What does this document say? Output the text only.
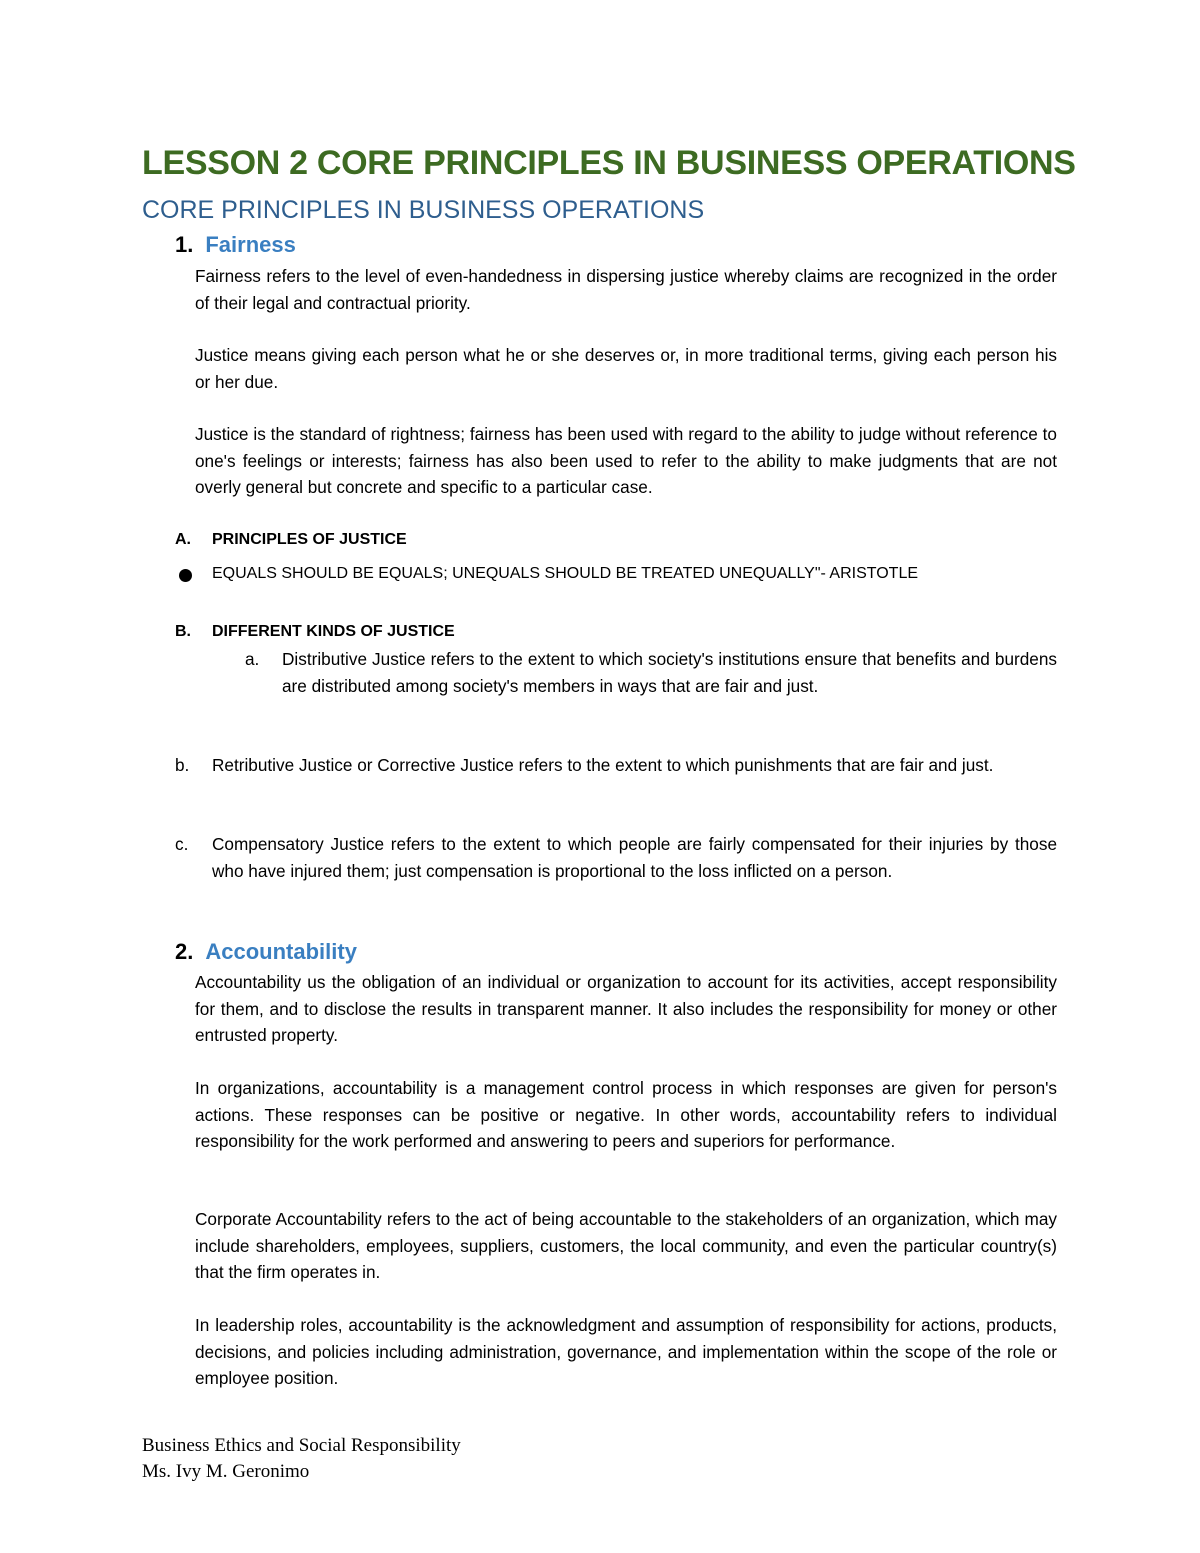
LESSON 2 CORE PRINCIPLES IN BUSINESS OPERATIONS
CORE PRINCIPLES IN BUSINESS OPERATIONS
1. Fairness

Fairness refers to the level of even-handedness in dispersing justice whereby claims are recognized in the order of their legal and contractual priority.

Justice means giving each person what he or she deserves or, in more traditional terms, giving each person his or her due.

Justice is the standard of rightness; fairness has been used with regard to the ability to judge without reference to one's feelings or interests; fairness has also been used to refer to the ability to make judgments that are not overly general but concrete and specific to a particular case.

A. PRINCIPLES OF JUSTICE

EQUALS SHOULD BE EQUALS; UNEQUALS SHOULD BE TREATED UNEQUALLY"- ARISTOTLE

B. DIFFERENT KINDS OF JUSTICE

a. Distributive Justice refers to the extent to which society's institutions ensure that benefits and burdens are distributed among society's members in ways that are fair and just.

b. Retributive Justice or Corrective Justice refers to the extent to which punishments that are fair and just.

c. Compensatory Justice refers to the extent to which people are fairly compensated for their injuries by those who have injured them; just compensation is proportional to the loss inflicted on a person.

2. Accountability

Accountability us the obligation of an individual or organization to account for its activities, accept responsibility for them, and to disclose the results in transparent manner. It also includes the responsibility for money or other entrusted property.

In organizations, accountability is a management control process in which responses are given for person's actions. These responses can be positive or negative. In other words, accountability refers to individual responsibility for the work performed and answering to peers and superiors for performance.

Corporate Accountability refers to the act of being accountable to the stakeholders of an organization, which may include shareholders, employees, suppliers, customers, the local community, and even the particular country(s) that the firm operates in.

In leadership roles, accountability is the acknowledgment and assumption of responsibility for actions, products, decisions, and policies including administration, governance, and implementation within the scope of the role or employee position.

Business Ethics and Social Responsibility

Ms. Ivy M. Geronimo
